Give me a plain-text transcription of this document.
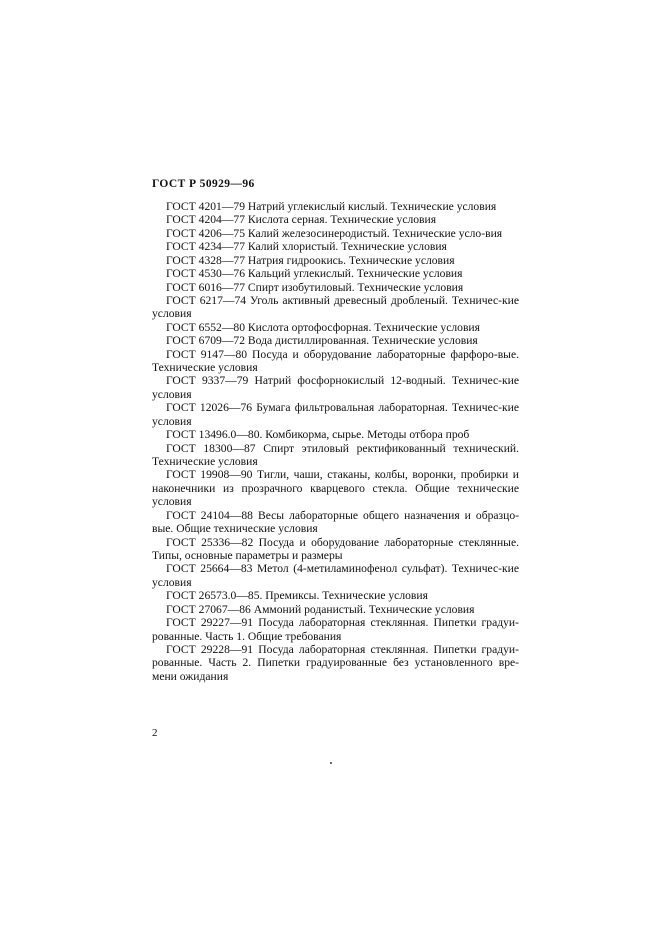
ГОСТ Р 50929—96

ГОСТ 4201—79 Натрий углекислый кислый. Технические условия

ГОСТ 4204—77 Кислота серная. Технические условия

ГОСТ 4206—75 Калий железосинеродистый. Технические усло-вия

ГОСТ 4234—77 Калий хлористый. Технические условия

ГОСТ 4328—77 Натрия гидроокись. Технические условия

ГОСТ 4530—76 Кальций углекислый. Технические условия

ГОСТ 6016—77 Спирт изобутиловый. Технические условия

ГОСТ 6217—74 Уголь активный древесный дробленый. Техничес-кие условия

ГОСТ 6552—80 Кислота ортофосфорная. Технические условия

ГОСТ 6709—72 Вода дистиллированная. Технические условия

ГОСТ 9147—80 Посуда и оборудование лабораторные фарфоро-вые. Технические условия

ГОСТ 9337—79 Натрий фосфорнокислый 12-водный. Техничес-кие условия

ГОСТ 12026—76 Бумага фильтровальная лабораторная. Техничес-кие условия

ГОСТ 13496.0—80. Комбикорма, сырье. Методы отбора проб

ГОСТ 18300—87 Спирт этиловый ректификованный технический. Технические условия

ГОСТ 19908—90 Тигли, чаши, стаканы, колбы, воронки, пробирки и наконечники из прозрачного кварцевого стекла. Общие технические условия

ГОСТ 24104—88 Весы лабораторные общего назначения и образцо-вые. Общие технические условия

ГОСТ 25336—82 Посуда и оборудование лабораторные стеклянные. Типы, основные параметры и размеры

ГОСТ 25664—83 Метол (4-метиламинофенол сульфат). Техничес-кие условия

ГОСТ 26573.0—85. Премиксы. Технические условия

ГОСТ 27067—86 Аммоний роданистый. Технические условия

ГОСТ 29227—91 Посуда лабораторная стеклянная. Пипетки градуи-рованные. Часть 1. Общие требования

ГОСТ 29228—91 Посуда лабораторная стеклянная. Пипетки градуи-рованные. Часть 2. Пипетки градуированные без установленного вре-мени ожидания

2
